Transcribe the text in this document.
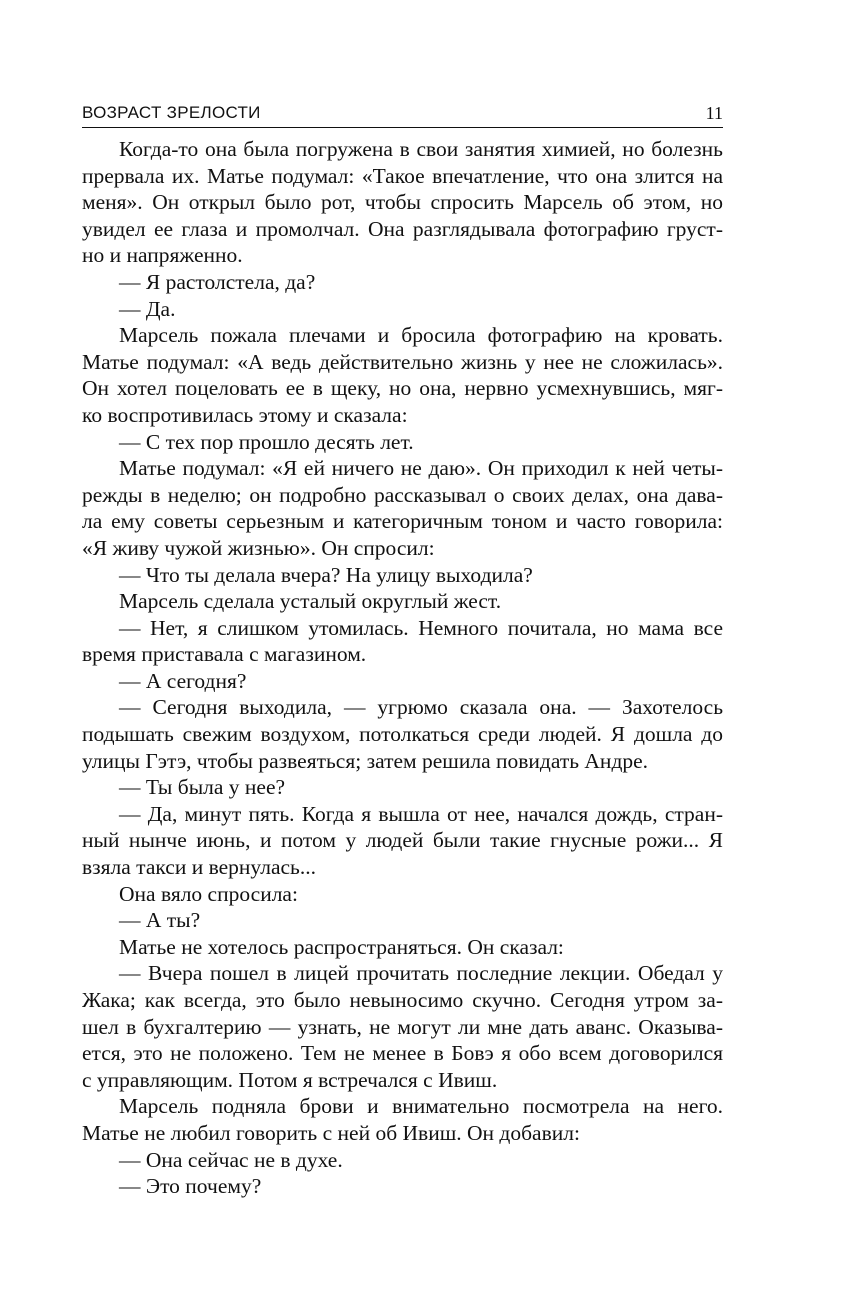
ВОЗРАСТ ЗРЕЛОСТИ	11
Когда-то она была погружена в свои занятия химией, но болезнь
прервала их. Матье подумал: «Такое впечатление, что она злится на
меня». Он открыл было рот, чтобы спросить Марсель об этом, но
увидел ее глаза и промолчал. Она разглядывала фотографию груст-
но и напряженно.
— Я растолстела, да?
— Да.
Марсель пожала плечами и бросила фотографию на кровать.
Матье подумал: «А ведь действительно жизнь у нее не сложилась».
Он хотел поцеловать ее в щеку, но она, нервно усмехнувшись, мяг-
ко воспротивилась этому и сказала:
— С тех пор прошло десять лет.
Матье подумал: «Я ей ничего не даю». Он приходил к ней четы-
режды в неделю; он подробно рассказывал о своих делах, она дава-
ла ему советы серьезным и категоричным тоном и часто говорила:
«Я живу чужой жизнью». Он спросил:
— Что ты делала вчера? На улицу выходила?
Марсель сделала усталый округлый жест.
— Нет, я слишком утомилась. Немного почитала, но мама все
время приставала с магазином.
— А сегодня?
— Сегодня выходила, — угрюмо сказала она. — Захотелось
подышать свежим воздухом, потолкаться среди людей. Я дошла до
улицы Гэтэ, чтобы развеяться; затем решила повидать Андре.
— Ты была у нее?
— Да, минут пять. Когда я вышла от нее, начался дождь, стран-
ный нынче июнь, и потом у людей были такие гнусные рожи... Я
взяла такси и вернулась...
Она вяло спросила:
— А ты?
Матье не хотелось распространяться. Он сказал:
— Вчера пошел в лицей прочитать последние лекции. Обедал у
Жака; как всегда, это было невыносимо скучно. Сегодня утром за-
шел в бухгалтерию — узнать, не могут ли мне дать аванс. Оказыва-
ется, это не положено. Тем не менее в Бовэ я обо всем договорился
с управляющим. Потом я встречался с Ивиш.
Марсель подняла брови и внимательно посмотрела на него.
Матье не любил говорить с ней об Ивиш. Он добавил:
— Она сейчас не в духе.
— Это почему?
